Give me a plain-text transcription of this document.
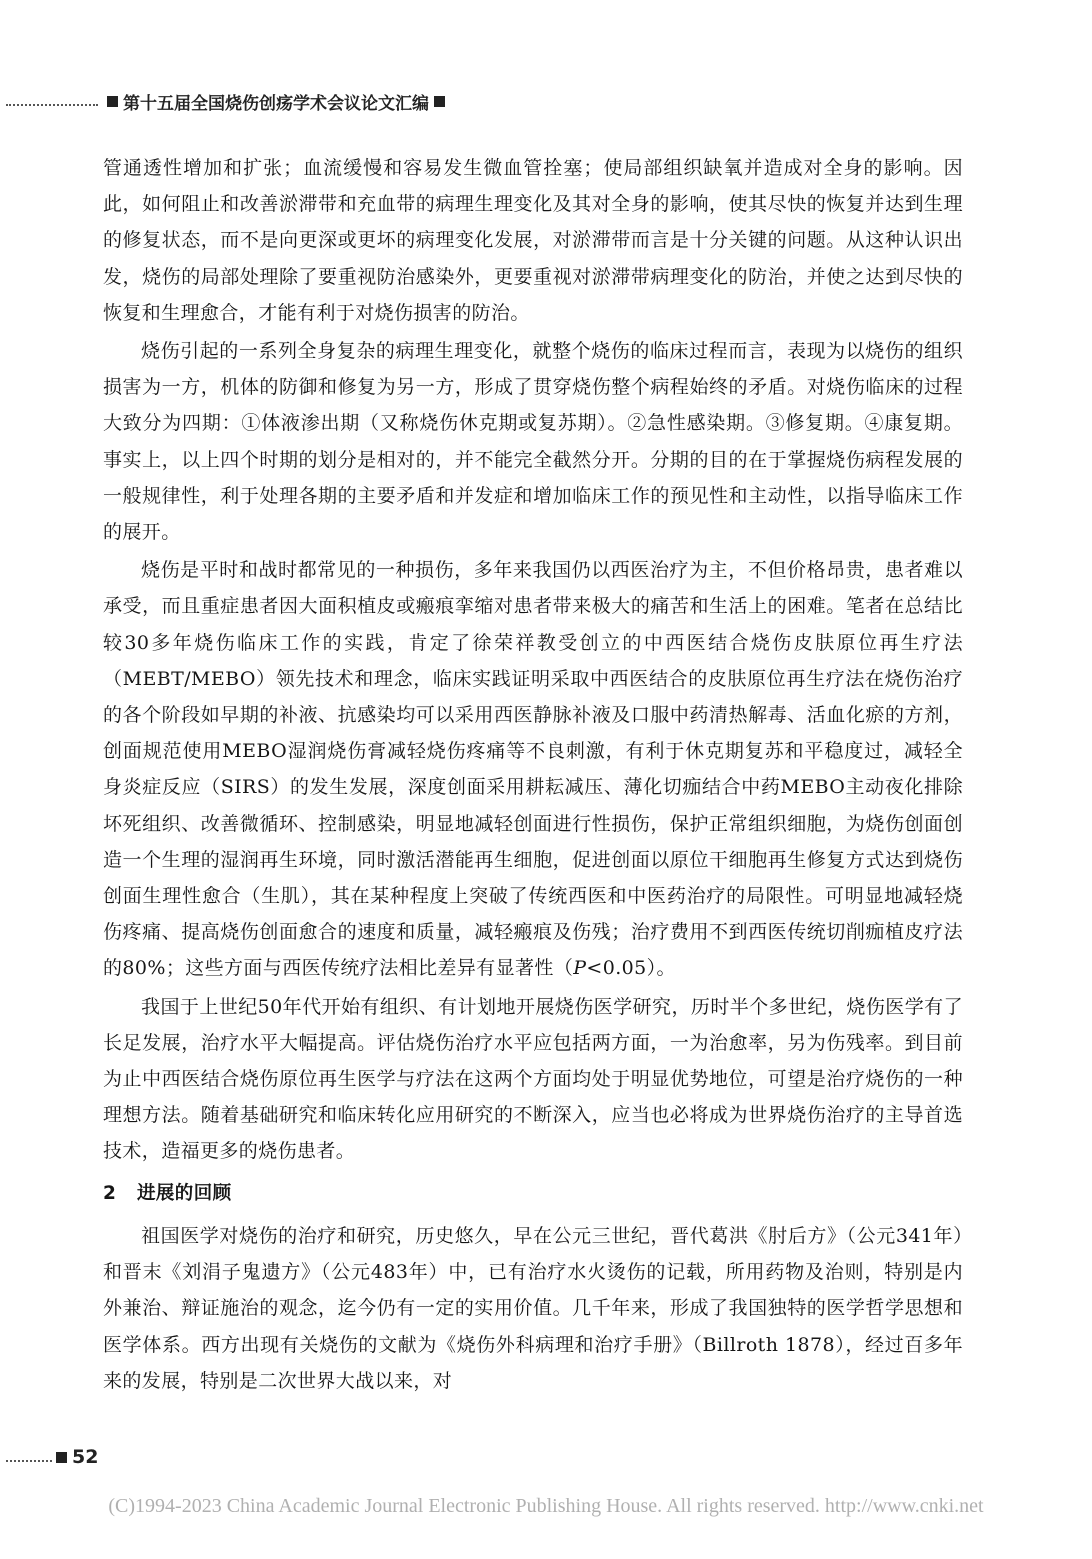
第十五届全国烧伤创疡学术会议论文汇编

管通透性增加和扩张；血流缓慢和容易发生微血管拴塞；使局部组织缺氧并造成对全身的影响。因此，如何阻止和改善淤滞带和充血带的病理生理变化及其对全身的影响，使其尽快的恢复并达到生理的修复状态，而不是向更深或更坏的病理变化发展，对淤滞带而言是十分关键的问题。从这种认识出发，烧伤的局部处理除了要重视防治感染外，更要重视对淤滞带病理变化的防治，并使之达到尽快的恢复和生理愈合，才能有利于对烧伤损害的防治。

烧伤引起的一系列全身复杂的病理生理变化，就整个烧伤的临床过程而言，表现为以烧伤的组织损害为一方，机体的防御和修复为另一方，形成了贯穿烧伤整个病程始终的矛盾。对烧伤临床的过程大致分为四期：①体液渗出期（又称烧伤休克期或复苏期）。②急性感染期。③修复期。④康复期。事实上，以上四个时期的划分是相对的，并不能完全截然分开。分期的目的在于掌握烧伤病程发展的一般规律性，利于处理各期的主要矛盾和并发症和增加临床工作的预见性和主动性，以指导临床工作的展开。

烧伤是平时和战时都常见的一种损伤，多年来我国仍以西医治疗为主，不但价格昂贵，患者难以承受，而且重症患者因大面积植皮或瘢痕挛缩对患者带来极大的痛苦和生活上的困难。笔者在总结比较30多年烧伤临床工作的实践，肯定了徐荣祥教受创立的中西医结合烧伤皮肤原位再生疗法（MEBT/MEBO）领先技术和理念，临床实践证明采取中西医结合的皮肤原位再生疗法在烧伤治疗的各个阶段如早期的补液、抗感染均可以采用西医静脉补液及口服中药清热解毒、活血化瘀的方剂，创面规范使用MEBO湿润烧伤膏减轻烧伤疼痛等不良刺激，有利于休克期复苏和平稳度过，减轻全身炎症反应（SIRS）的发生发展，深度创面采用耕耘减压、薄化切痂结合中药MEBO主动夜化排除坏死组织、改善微循环、控制感染，明显地减轻创面进行性损伤，保护正常组织细胞，为烧伤创面创造一个生理的湿润再生环境，同时激活潜能再生细胞，促进创面以原位干细胞再生修复方式达到烧伤创面生理性愈合（生肌），其在某种程度上突破了传统西医和中医药治疗的局限性。可明显地减轻烧伤疼痛、提高烧伤创面愈合的速度和质量，减轻瘢痕及伤残；治疗费用不到西医传统切削痂植皮疗法的80%；这些方面与西医传统疗法相比差异有显著性（P<0.05）。

我国于上世纪50年代开始有组织、有计划地开展烧伤医学研究，历时半个多世纪，烧伤医学有了长足发展，治疗水平大幅提高。评估烧伤治疗水平应包括两方面，一为治愈率，另为伤残率。到目前为止中西医结合烧伤原位再生医学与疗法在这两个方面均处于明显优势地位，可望是治疗烧伤的一种理想方法。随着基础研究和临床转化应用研究的不断深入，应当也必将成为世界烧伤治疗的主导首选技术，造福更多的烧伤患者。

2 进展的回顾

祖国医学对烧伤的治疗和研究，历史悠久，早在公元三世纪，晋代葛洪《肘后方》（公元341年）和晋末《刘涓子鬼遗方》（公元483年）中，已有治疗水火烫伤的记载，所用药物及治则，特别是内外兼治、辩证施治的观念，迄今仍有一定的实用价值。几千年来，形成了我国独特的医学哲学思想和医学体系。西方出现有关烧伤的文献为《烧伤外科病理和治疗手册》（Billroth 1878），经过百多年来的发展，特别是二次世界大战以来，对

52
(C)1994-2023 China Academic Journal Electronic Publishing House. All rights reserved. http://www.cnki.net
